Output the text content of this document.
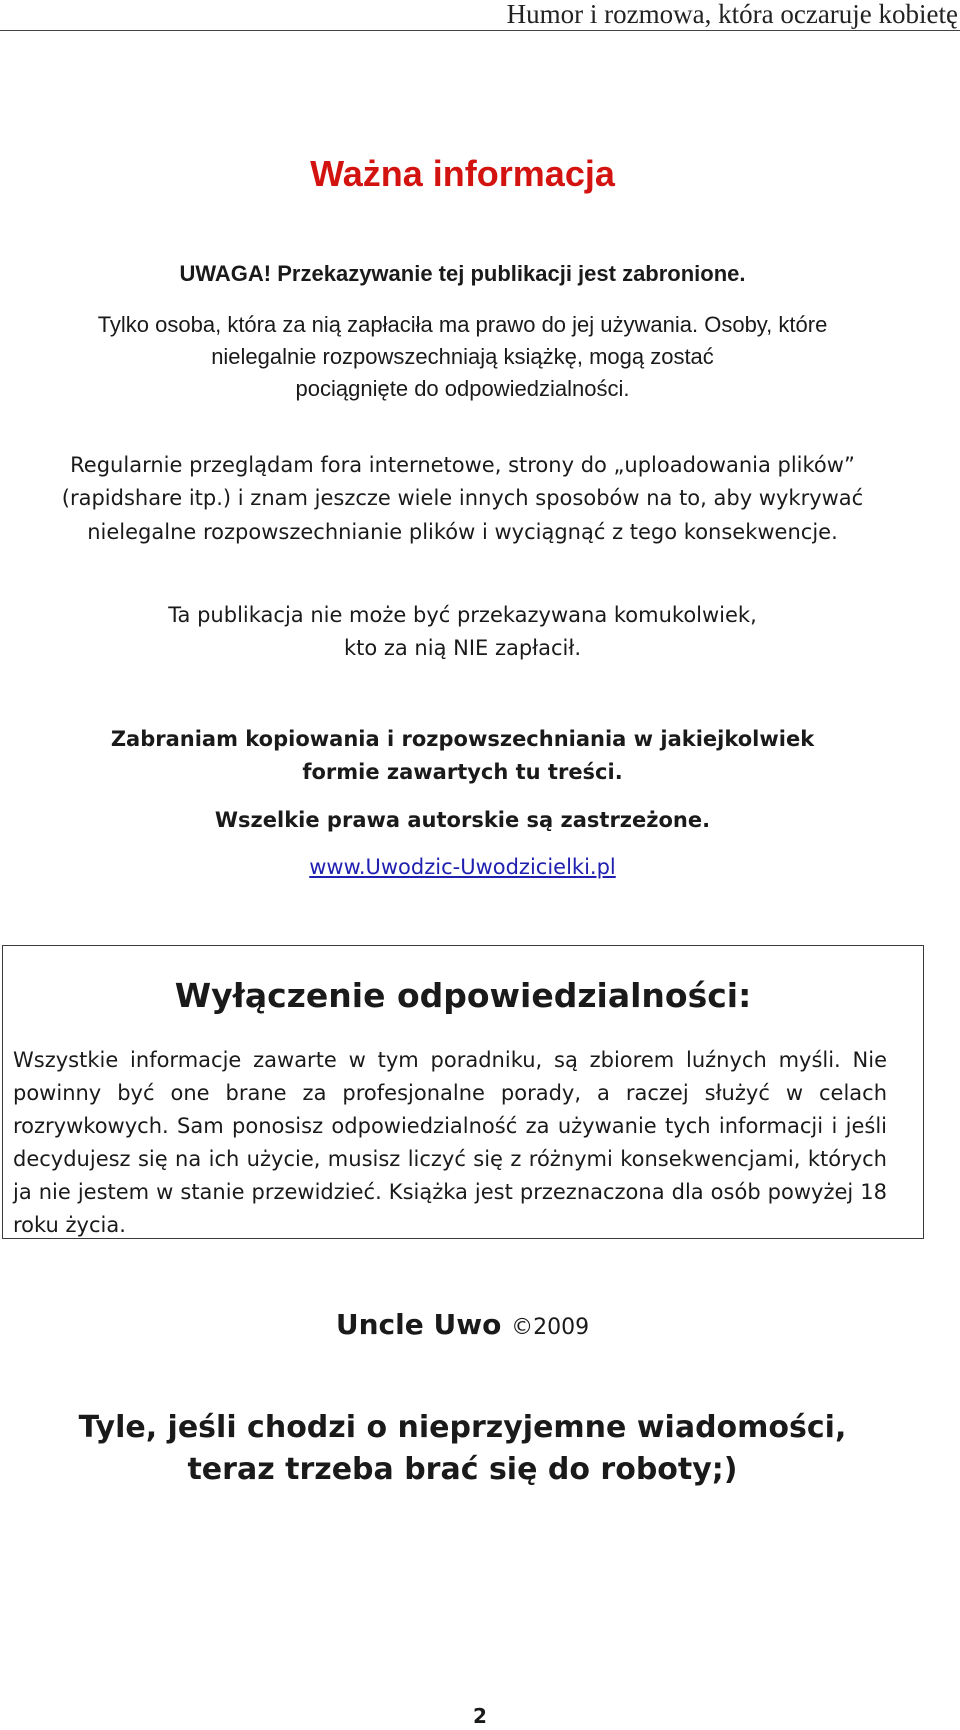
Humor i rozmowa, która oczaruje kobietę
Ważna informacja
UWAGA! Przekazywanie tej publikacji jest zabronione.
Tylko osoba, która za nią zapłaciła ma prawo do jej używania. Osoby, które
nielegalnie rozpowszechniają książkę, mogą zostać
pociągnięte do odpowiedzialności.
Regularnie przeglądam fora internetowe, strony do „uploadowania plików”
(rapidshare itp.) i znam jeszcze wiele innych sposobów na to, aby wykrywać
nielegalne rozpowszechnianie plików i wyciągnąć z tego konsekwencje.
Ta publikacja nie może być przekazywana komukolwiek,
kto za nią NIE zapłacił.
Zabraniam kopiowania i rozpowszechniania w jakiejkolwiek
formie zawartych tu treści.
Wszelkie prawa autorskie są zastrzeżone.
www.Uwodzic-Uwodzicielki.pl
Wyłączenie odpowiedzialności:
Wszystkie informacje zawarte w tym poradniku, są zbiorem luźnych myśli. Nie powinny być one brane za profesjonalne porady, a raczej służyć w celach rozrywkowych. Sam ponosisz odpowiedzialność za używanie tych informacji i jeśli decydujesz się na ich użycie, musisz liczyć się z różnymi konsekwencjami, których ja nie jestem w stanie przewidzieć. Książka jest przeznaczona dla osób powyżej 18 roku życia.
Uncle Uwo ©2009
Tyle, jeśli chodzi o nieprzyjemne wiadomości,
teraz trzeba brać się do roboty;)
2
